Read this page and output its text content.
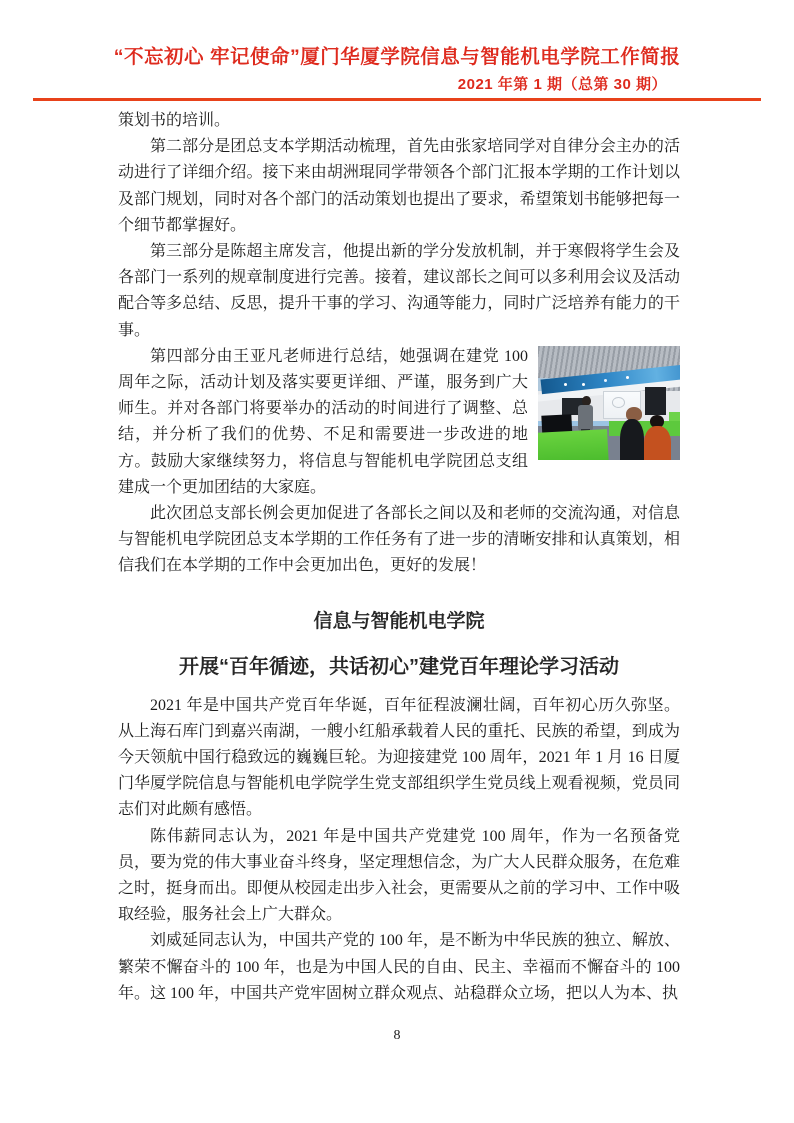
“不忘初心 牢记使命”厦门华厦学院信息与智能机电学院工作简报
2021 年第 1 期（总第 30 期）

策划书的培训。

第二部分是团总支本学期活动梳理，首先由张家培同学对自律分会主办的活动进行了详细介绍。接下来由胡洲琨同学带领各个部门汇报本学期的工作计划以及部门规划，同时对各个部门的活动策划也提出了要求，希望策划书能够把每一个细节都掌握好。

第三部分是陈超主席发言，他提出新的学分发放机制，并于寒假将学生会及各部门一系列的规章制度进行完善。接着，建议部长之间可以多利用会议及活动配合等多总结、反思，提升干事的学习、沟通等能力，同时广泛培养有能力的干事。

第四部分由王亚凡老师进行总结，她强调在建党 100 周年之际，活动计划及落实要更详细、严谨，服务到广大师生。并对各部门将要举办的活动的时间进行了调整、总结，并分析了我们的优势、不足和需要进一步改进的地方。鼓励大家继续努力，将信息与智能机电学院团总支组建成一个更加团结的大家庭。

此次团总支部长例会更加促进了各部长之间以及和老师的交流沟通，对信息与智能机电学院团总支本学期的工作任务有了进一步的清晰安排和认真策划，相信我们在本学期的工作中会更加出色，更好的发展！

信息与智能机电学院
开展“百年循迹，共话初心”建党百年理论学习活动

2021 年是中国共产党百年华诞，百年征程波澜壮阔，百年初心历久弥坚。从上海石库门到嘉兴南湖，一艘小红船承载着人民的重托、民族的希望，到成为今天领航中国行稳致远的巍巍巨轮。为迎接建党 100 周年，2021 年 1 月 16 日厦门华厦学院信息与智能机电学院学生党支部组织学生党员线上观看视频，党员同志们对此颇有感悟。

陈伟薪同志认为，2021 年是中国共产党建党 100 周年，作为一名预备党员，要为党的伟大事业奋斗终身，坚定理想信念，为广大人民群众服务，在危难之时，挺身而出。即便从校园走出步入社会，更需要从之前的学习中、工作中吸取经验，服务社会上广大群众。

刘威延同志认为，中国共产党的 100 年，是不断为中华民族的独立、解放、繁荣不懈奋斗的 100 年，也是为中国人民的自由、民主、幸福而不懈奋斗的 100 年。这 100 年，中国共产党牢固树立群众观点、站稳群众立场，把以人为本、执

8
